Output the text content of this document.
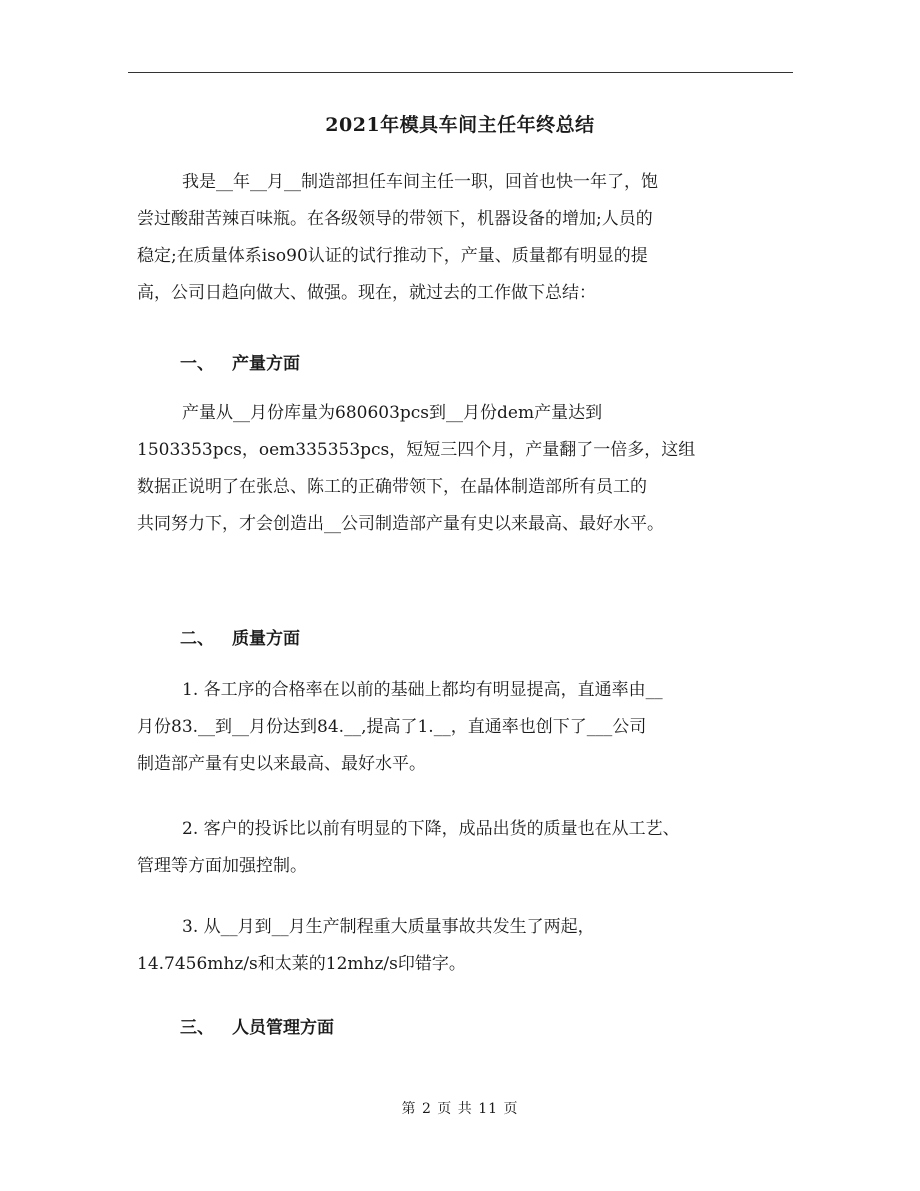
2021年模具车间主任年终总结
我是__年__月__制造部担任车间主任一职，回首也快一年了，饱
尝过酸甜苦辣百味瓶。在各级领导的带领下，机器设备的增加;人员的
稳定;在质量体系iso90认证的试行推动下，产量、质量都有明显的提
高，公司日趋向做大、做强。现在，就过去的工作做下总结：
一、 产量方面
产量从__月份库量为680603pcs到__月份dem产量达到
1503353pcs，oem335353pcs，短短三四个月，产量翻了一倍多，这组
数据正说明了在张总、陈工的正确带领下，在晶体制造部所有员工的
共同努力下，才会创造出__公司制造部产量有史以来最高、最好水平。
二、 质量方面
1. 各工序的合格率在以前的基础上都均有明显提高，直通率由__
月份83.__到__月份达到84.__,提高了1.__，直通率也创下了___公司
制造部产量有史以来最高、最好水平。
2. 客户的投诉比以前有明显的下降，成品出货的质量也在从工艺、
管理等方面加强控制。
3. 从__月到__月生产制程重大质量事故共发生了两起，
14.7456mhz/s和太莱的12mhz/s印错字。
三、 人员管理方面
第 2 页 共 11 页
